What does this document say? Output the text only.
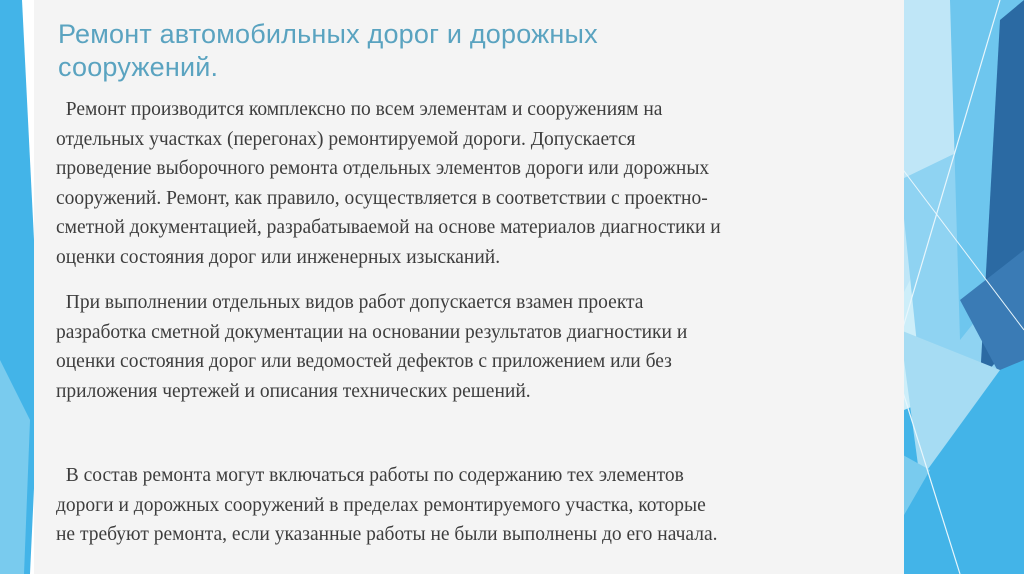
Ремонт автомобильных дорог и дорожных
сооружений.

Ремонт производится комплексно по всем элементам и сооружениям на
отдельных участках (перегонах) ремонтируемой дороги. Допускается
проведение выборочного ремонта отдельных элементов дороги или дорожных
сооружений. Ремонт, как правило, осуществляется в соответствии с проектно-
сметной документацией, разрабатываемой на основе материалов диагностики и
оценки состояния дорог или инженерных изысканий.

При выполнении отдельных видов работ допускается взамен проекта
разработка сметной документации на основании результатов диагностики и
оценки состояния дорог или ведомостей дефектов с приложением или без
приложения чертежей и описания технических решений.

В состав ремонта могут включаться работы по содержанию тех элементов
дороги и дорожных сооружений в пределах ремонтируемого участка, которые
не требуют ремонта, если указанные работы не были выполнены до его начала.
